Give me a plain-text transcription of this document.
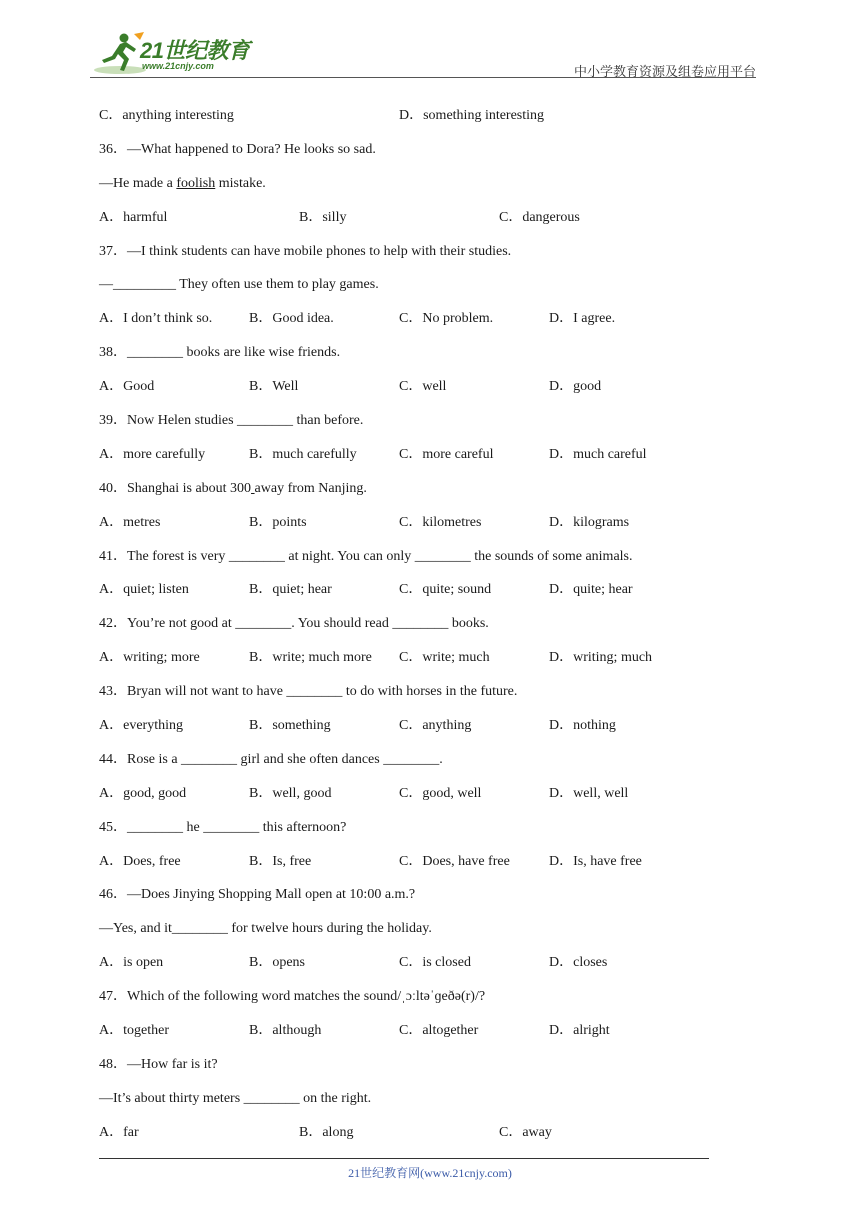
21世纪教育
www.21cnjy.com	中小学教育资源及组卷应用平台
C．anything interesting	D．something interesting
36．—What happened to Dora? He looks so sad.
—He made a foolish mistake.
A．harmful	B．silly	C．dangerous
37．—I think students can have mobile phones to help with their studies.
—_________ They often use them to play games.
A．I don’t think so.	B．Good idea.	C．No problem.	D．I agree.
38．________ books are like wise friends.
A．Good	B．Well	C．well	D．good
39．Now Helen studies ________ than before.
A．more carefully	B．much carefully	C．more careful	D．much careful
40．Shanghai is about 300 away from Nanjing.
A．metres	B．points	C．kilometres	D．kilograms
41．The forest is very ________ at night. You can only ________ the sounds of some animals.
A．quiet; listen	B．quiet; hear	C．quite; sound	D．quite; hear
42．You’re not good at ________. You should read ________ books.
A．writing; more	B．write; much more C．write; much	D．writing; much
43．Bryan will not want to have ________ to do with horses in the future.
A．everything	B．something	C．anything	D．nothing
44．Rose is a ________ girl and she often dances ________.
A．good, good	B．well, good	C．good, well	D．well, well
45．________ he ________ this afternoon?
A．Does, free	B．Is, free	C．Does, have free	D．Is, have free
46．—Does Jinying Shopping Mall open at 10:00 a.m.?
—Yes, and it________ for twelve hours during the holiday.
A．is open	B．opens	C．is closed	D．closes
47．Which of the following word matches the sound/ˌɔːltəˈɡeðə(r)/?
A．together	B．although	C．altogether	D．alright
48．—How far is it?
—It’s about thirty meters ________ on the right.
A．far	B．along	C．away
21世纪教育网(www.21cnjy.com)
